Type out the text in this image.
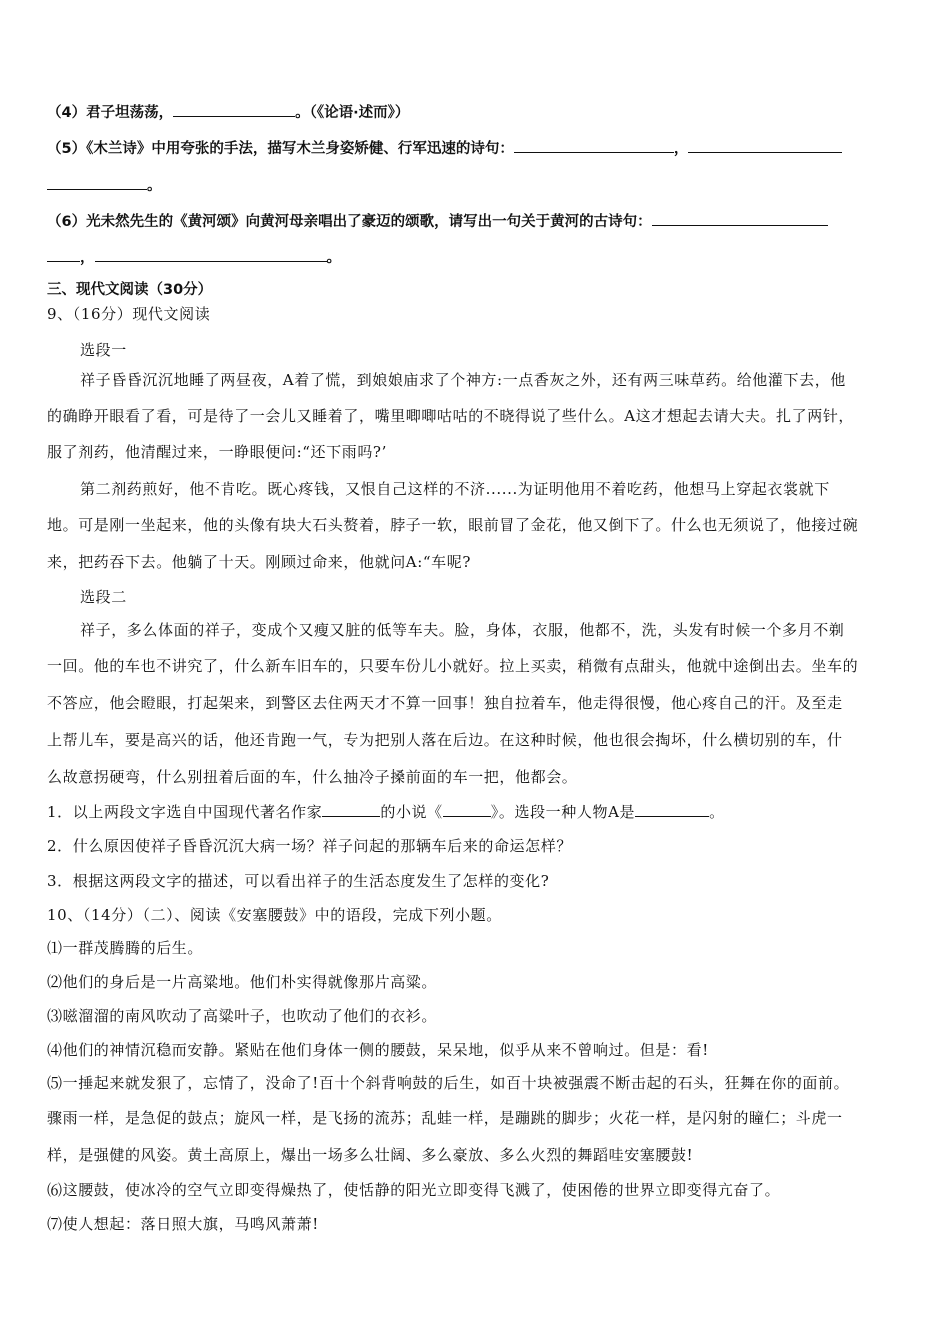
（4）君子坦荡荡，	。（《论语·述而》）
（5）《木兰诗》中用夸张的手法，描写木兰身姿矫健、行军迅速的诗句：	，
。
（6）光未然先生的《黄河颂》向黄河母亲唱出了豪迈的颂歌，请写出一句关于黄河的古诗句：
，	。
三、现代文阅读（30分）
9、（16分）现代文阅读
选段一
祥子昏昏沉沉地睡了两昼夜，A着了慌，到娘娘庙求了个神方:一点香灰之外，还有两三味草药。给他灌下去，他
的确睁开眼看了看，可是待了一会儿又睡着了，嘴里唧唧咕咕的不晓得说了些什么。A这才想起去请大夫。扎了两针，
服了剂药，他清醒过来，一睁眼便问:“还下雨吗?’
第二剂药煎好，他不肯吃。既心疼钱，又恨自己这样的不济......为证明他用不着吃药，他想马上穿起衣裳就下
地。可是刚一坐起来，他的头像有块大石头赘着，脖子一软，眼前冒了金花，他又倒下了。什么也无须说了，他接过碗
来，把药吞下去。他躺了十天。刚顾过命来，他就问A:“车呢?
选段二
祥子，多么体面的祥子，变成个又瘦又脏的低等车夫。脸，身体，衣服，他都不，洗，头发有时候一个多月不剃
一回。他的车也不讲究了，什么新车旧车的，只要车份儿小就好。拉上买卖，稍微有点甜头，他就中途倒出去。坐车的
不答应，他会瞪眼，打起架来，到警区去住两天才不算一回事！独自拉着车，他走得很慢，他心疼自己的汗。及至走
上帮儿车，要是高兴的话，他还肯跑一气，专为把别人落在后边。在这种时候，他也很会掏坏，什么横切别的车，什
么故意拐硬弯，什么别扭着后面的车，什么抽冷子搡前面的车一把，他都会。
1．以上两段文字选自中国现代著名作家	的小说《	》。选段一种人物A是	。
2．什么原因使祥子昏昏沉沉大病一场？祥子问起的那辆车后来的命运怎样？
3．根据这两段文字的描述，可以看出祥子的生活态度发生了怎样的变化?
10、（14分）（二）、阅读《安塞腰鼓》中的语段，完成下列小题。
⑴一群茂腾腾的后生。
⑵他们的身后是一片高粱地。他们朴实得就像那片高粱。
⑶嗞溜溜的南风吹动了高粱叶子，也吹动了他们的衣衫。
⑷他们的神情沉稳而安静。紧贴在他们身体一侧的腰鼓，呆呆地，似乎从来不曾响过。但是：看!
⑸一捶起来就发狠了，忘情了，没命了!百十个斜背响鼓的后生，如百十块被强震不断击起的石头，狂舞在你的面前。
骤雨一样，是急促的鼓点；旋风一样，是飞扬的流苏；乱蛙一样，是蹦跳的脚步；火花一样，是闪射的瞳仁；斗虎一
样，是强健的风姿。黄土高原上，爆出一场多么壮阔、多么豪放、多么火烈的舞蹈哇安塞腰鼓!
⑹这腰鼓，使冰冷的空气立即变得燥热了，使恬静的阳光立即变得飞溅了，使困倦的世界立即变得亢奋了。
⑺使人想起：落日照大旗，马鸣风萧萧!
